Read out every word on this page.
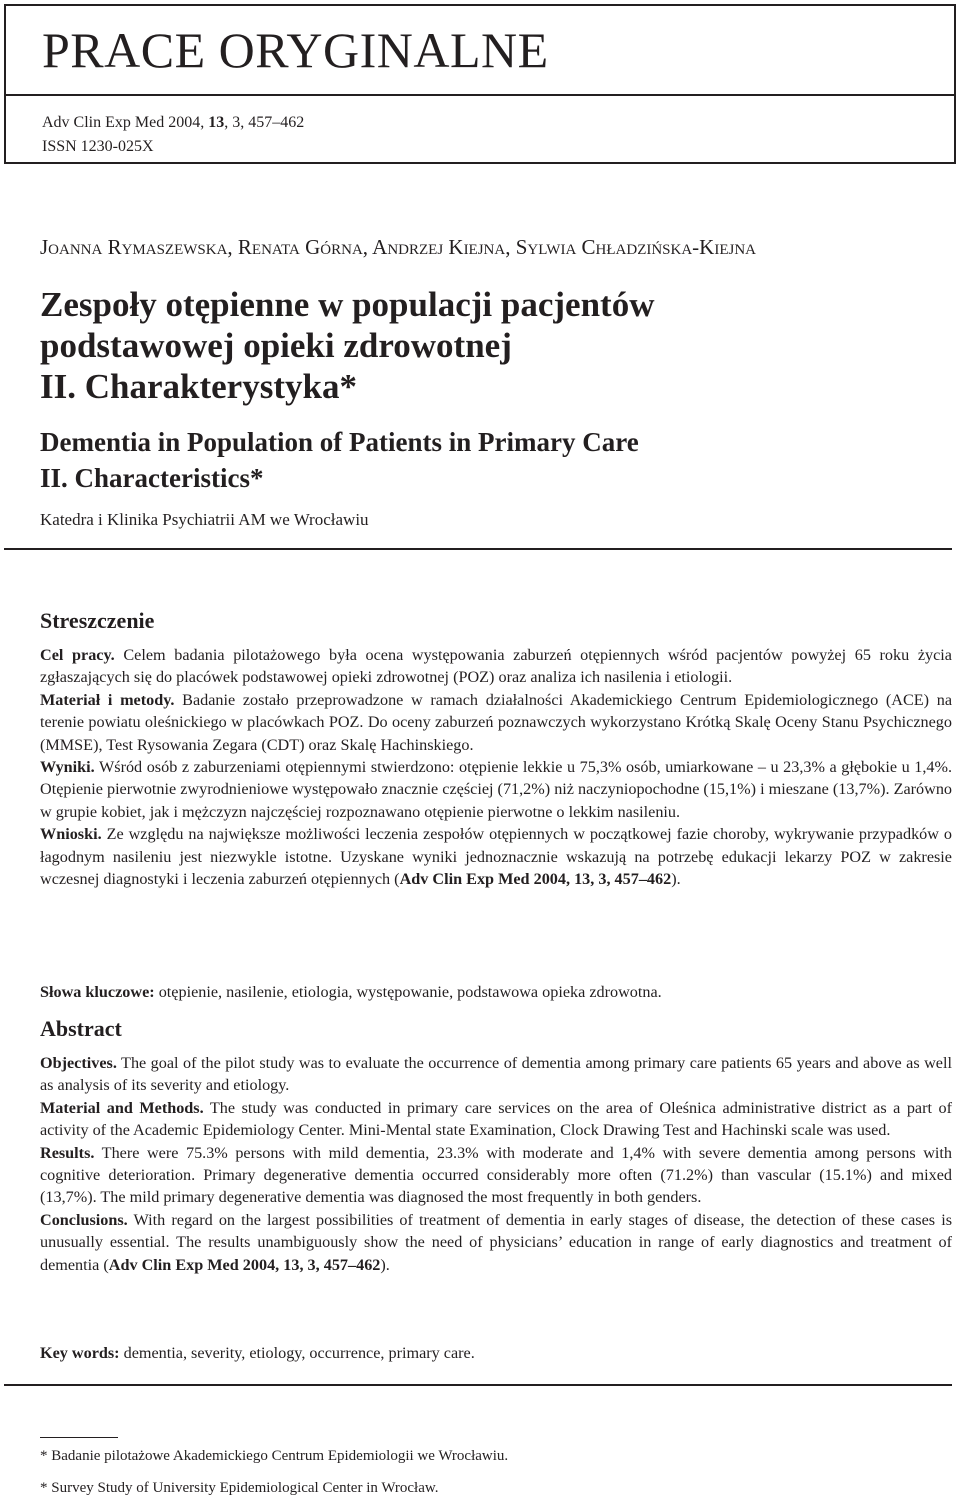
PRACE ORYGINALNE
Adv Clin Exp Med 2004, 13, 3, 457–462
ISSN 1230-025X
Joanna Rymaszewska, Renata Górna, Andrzej Kiejna, Sylwia Chładzińska-Kiejna
Zespoły otępienne w populacji pacjentów
podstawowej opieki zdrowotnej
II. Charakterystyka*
Dementia in Population of Patients in Primary Care
II. Characteristics*
Katedra i Klinika Psychiatrii AM we Wrocławiu
Streszczenie

Cel pracy. Celem badania pilotażowego była ocena występowania zaburzeń otępiennych wśród pacjentów powyżej 65 roku życia zgłaszających się do placówek podstawowej opieki zdrowotnej (POZ) oraz analiza ich nasilenia i etiologii.

Materiał i metody. Badanie zostało przeprowadzone w ramach działalności Akademickiego Centrum Epidemiologicznego (ACE) na terenie powiatu oleśnickiego w placówkach POZ. Do oceny zaburzeń poznawczych wykorzystano Krótką Skalę Oceny Stanu Psychicznego (MMSE), Test Rysowania Zegara (CDT) oraz Skalę Hachinskiego.

Wyniki. Wśród osób z zaburzeniami otępiennymi stwierdzono: otępienie lekkie u 75,3% osób, umiarkowane – u 23,3% a głębokie u 1,4%. Otępienie pierwotnie zwyrodnieniowe występowało znacznie częściej (71,2%) niż naczyniopochodne (15,1%) i mieszane (13,7%). Zarówno w grupie kobiet, jak i mężczyzn najczęściej rozpoznawano otępienie pierwotne o lekkim nasileniu.

Wnioski. Ze względu na największe możliwości leczenia zespołów otępiennych w początkowej fazie choroby, wykrywanie przypadków o łagodnym nasileniu jest niezwykle istotne. Uzyskane wyniki jednoznacznie wskazują na potrzebę edukacji lekarzy POZ w zakresie wczesnej diagnostyki i leczenia zaburzeń otępiennych (Adv Clin Exp Med 2004, 13, 3, 457–462).

Słowa kluczowe: otępienie, nasilenie, etiologia, występowanie, podstawowa opieka zdrowotna.
Abstract

Objectives. The goal of the pilot study was to evaluate the occurrence of dementia among primary care patients 65 years and above as well as analysis of its severity and etiology.

Material and Methods. The study was conducted in primary care services on the area of Oleśnica administrative district as a part of activity of the Academic Epidemiology Center. Mini-Mental state Examination, Clock Drawing Test and Hachinski scale was used.

Results. There were 75.3% persons with mild dementia, 23.3% with moderate and 1,4% with severe dementia among persons with cognitive deterioration. Primary degenerative dementia occurred considerably more often (71.2%) than vascular (15.1%) and mixed (13,7%). The mild primary degenerative dementia was diagnosed the most frequently in both genders.

Conclusions. With regard on the largest possibilities of treatment of dementia in early stages of disease, the detection of these cases is unusually essential. The results unambiguously show the need of physicians’ education in range of early diagnostics and treatment of dementia (Adv Clin Exp Med 2004, 13, 3, 457–462).

Key words: dementia, severity, etiology, occurrence, primary care.
* Badanie pilotażowe Akademickiego Centrum Epidemiologii we Wrocławiu.
* Survey Study of University Epidemiological Center in Wrocław.
